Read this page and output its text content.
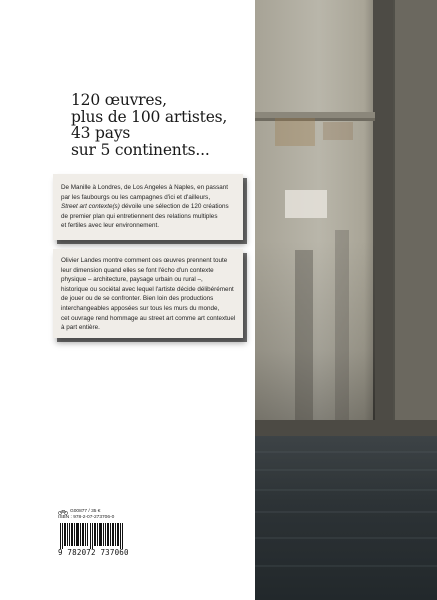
120 œuvres,
plus de 100 artistes,
43 pays
sur 5 continents...

De Manille à Londres, de Los Angeles à Naples, en passant
par les faubourgs ou les campagnes d'ici et d'ailleurs,
Street art contexte(s) dévoile une sélection de 120 créations
de premier plan qui entretiennent des relations multiples
et fertiles avec leur environnement.

Olivier Landes montre comment ces œuvres prennent toute
leur dimension quand elles se font l'écho d'un contexte
physique – architecture, paysage urbain ou rural –,
historique ou sociétal avec lequel l'artiste décide délibérément
de jouer ou de se confronter. Bien loin des productions
interchangeables apposées sur tous les murs du monde,
cet ouvrage rend hommage au street art comme art contextuel
à part entière.

G00877 / 35 €
ISBN : 978-2-07-273706-0
9 782072 737060
